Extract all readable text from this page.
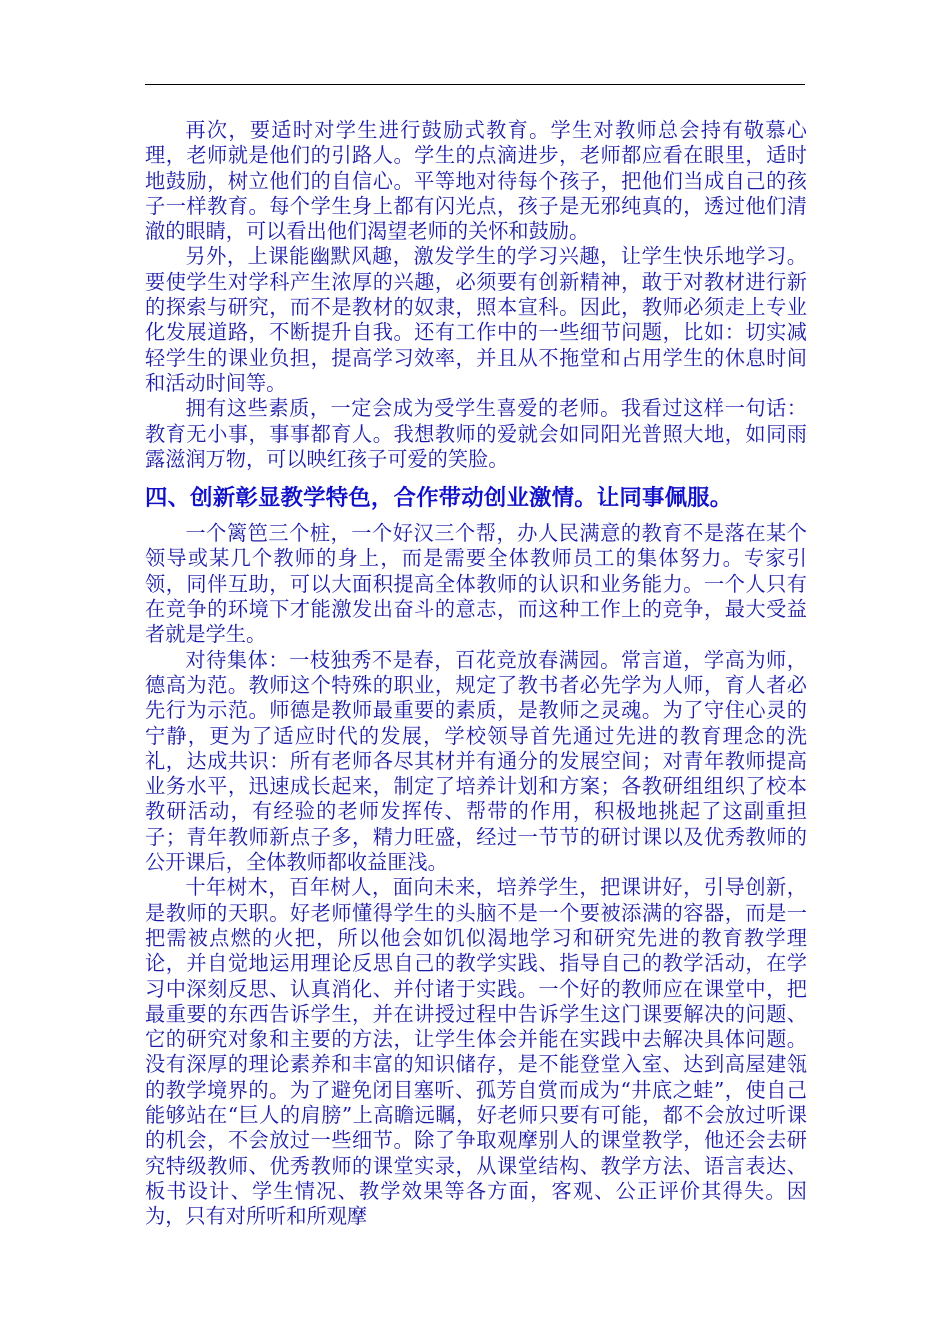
再次，要适时对学生进行鼓励式教育。学生对教师总会持有敬慕心理，老师就是他们的引路人。学生的点滴进步，老师都应看在眼里，适时地鼓励，树立他们的自信心。平等地对待每个孩子，把他们当成自己的孩子一样教育。每个学生身上都有闪光点，孩子是无邪纯真的，透过他们清澈的眼睛，可以看出他们渴望老师的关怀和鼓励。

另外，上课能幽默风趣，激发学生的学习兴趣，让学生快乐地学习。要使学生对学科产生浓厚的兴趣，必须要有创新精神，敢于对教材进行新的探索与研究，而不是教材的奴隶，照本宣科。因此，教师必须走上专业化发展道路，不断提升自我。还有工作中的一些细节问题，比如：切实减轻学生的课业负担，提高学习效率，并且从不拖堂和占用学生的休息时间和活动时间等。

拥有这些素质，一定会成为受学生喜爱的老师。我看过这样一句话：教育无小事，事事都育人。我想教师的爱就会如同阳光普照大地，如同雨露滋润万物，可以映红孩子可爱的笑脸。

四、创新彰显教学特色，合作带动创业激情。让同事佩服。

一个篱笆三个桩，一个好汉三个帮，办人民满意的教育不是落在某个领导或某几个教师的身上，而是需要全体教师员工的集体努力。专家引领，同伴互助，可以大面积提高全体教师的认识和业务能力。一个人只有在竞争的环境下才能激发出奋斗的意志，而这种工作上的竞争，最大受益者就是学生。

对待集体：一枝独秀不是春，百花竞放春满园。常言道，学高为师，德高为范。教师这个特殊的职业，规定了教书者必先学为人师，育人者必先行为示范。师德是教师最重要的素质，是教师之灵魂。为了守住心灵的宁静，更为了适应时代的发展，学校领导首先通过先进的教育理念的洗礼，达成共识：所有老师各尽其材并有通分的发展空间；对青年教师提高业务水平，迅速成长起来，制定了培养计划和方案；各教研组组织了校本教研活动，有经验的老师发挥传、帮带的作用，积极地挑起了这副重担子；青年教师新点子多，精力旺盛，经过一节节的研讨课以及优秀教师的公开课后，全体教师都收益匪浅。

十年树木，百年树人，面向未来，培养学生，把课讲好，引导创新，是教师的天职。好老师懂得学生的头脑不是一个要被添满的容器，而是一把需被点燃的火把，所以他会如饥似渴地学习和研究先进的教育教学理论，并自觉地运用理论反思自己的教学实践、指导自己的教学活动，在学习中深刻反思、认真消化、并付诸于实践。一个好的教师应在课堂中，把最重要的东西告诉学生，并在讲授过程中告诉学生这门课要解决的问题、它的研究对象和主要的方法，让学生体会并能在实践中去解决具体问题。没有深厚的理论素养和丰富的知识储存，是不能登堂入室、达到高屋建瓴的教学境界的。为了避免闭目塞听、孤芳自赏而成为“井底之蛙”，使自己能够站在“巨人的肩膀”上高瞻远瞩，好老师只要有可能，都不会放过听课的机会，不会放过一些细节。除了争取观摩别人的课堂教学，他还会去研究特级教师、优秀教师的课堂实录，从课堂结构、教学方法、语言表达、板书设计、学生情况、教学效果等各方面，客观、公正评价其得失。因为，只有对所听和所观摩
